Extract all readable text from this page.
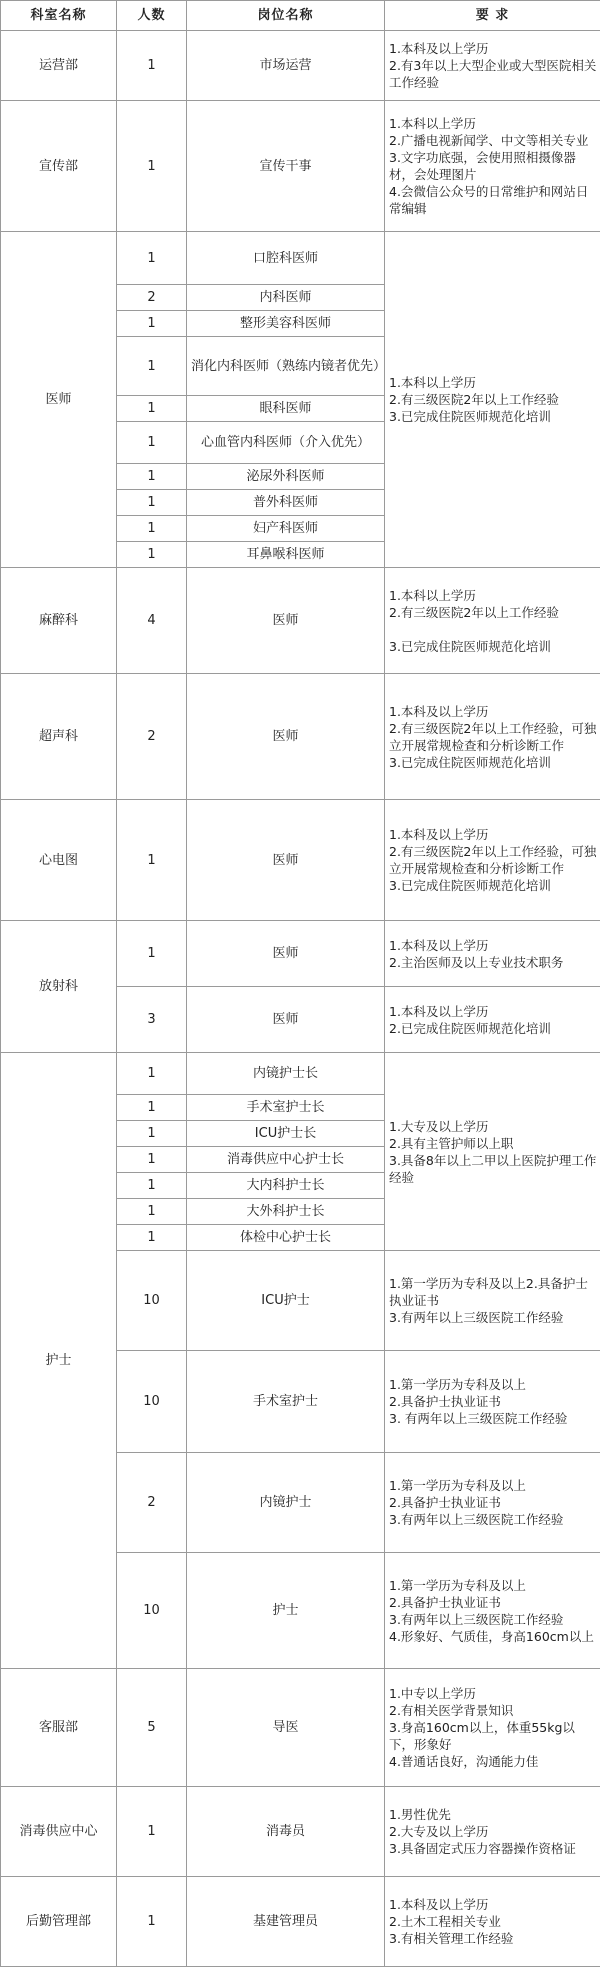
科室名称	人数	岗位名称	要 求
运营部	1	市场运营	1.本科及以上学历
2.有3年以上大型企业或大型医院相关工作经验
宣传部	1	宣传干事	1.本科以上学历
2.广播电视新闻学、中文等相关专业
3.文字功底强，会使用照相摄像器材，会处理图片
4.会微信公众号的日常维护和网站日常编辑
医师	1	口腔科医师	1.本科以上学历
2.有三级医院2年以上工作经验
3.已完成住院医师规范化培训
	2	内科医师	
	1	整形美容科医师	
	1	消化内科医师（熟练内镜者优先）	
	1	眼科医师	
	1	心血管内科医师（介入优先）	
	1	泌尿外科医师	
	1	普外科医师	
	1	妇产科医师	
	1	耳鼻喉科医师	
麻醉科	4	医师	1.本科以上学历
2.有三级医院2年以上工作经验

3.已完成住院医师规范化培训
超声科	2	医师	1.本科及以上学历
2.有三级医院2年以上工作经验，可独立开展常规检查和分析诊断工作
3.已完成住院医师规范化培训
心电图	1	医师	1.本科及以上学历
2.有三级医院2年以上工作经验，可独立开展常规检查和分析诊断工作
3.已完成住院医师规范化培训
放射科	1	医师	1.本科及以上学历
2.主治医师及以上专业技术职务
	3	医师	1.本科及以上学历
2.已完成住院医师规范化培训
护士	1	内镜护士长	1.大专及以上学历
2.具有主管护师以上职
3.具备8年以上二甲以上医院护理工作经验
	1	手术室护士长	
	1	ICU护士长	
	1	消毒供应中心护士长	
	1	大内科护士长	
	1	大外科护士长	
	1	体检中心护士长	
	10	ICU护士	1.第一学历为专科及以上2.具备护士执业证书
3.有两年以上三级医院工作经验
	10	手术室护士	1.第一学历为专科及以上
2.具备护士执业证书
3. 有两年以上三级医院工作经验
	2	内镜护士	1.第一学历为专科及以上
2.具备护士执业证书
3.有两年以上三级医院工作经验
	10	护士	1.第一学历为专科及以上
2.具备护士执业证书
3.有两年以上三级医院工作经验
4.形象好、气质佳，身高160cm以上
客服部	5	导医	1.中专以上学历
2.有相关医学背景知识
3.身高160cm以上，体重55kg以下，形象好
4.普通话良好，沟通能力佳
消毒供应中心	1	消毒员	1.男性优先
2.大专及以上学历
3.具备固定式压力容器操作资格证
后勤管理部	1	基建管理员	1.本科及以上学历
2.土木工程相关专业
3.有相关管理工作经验
